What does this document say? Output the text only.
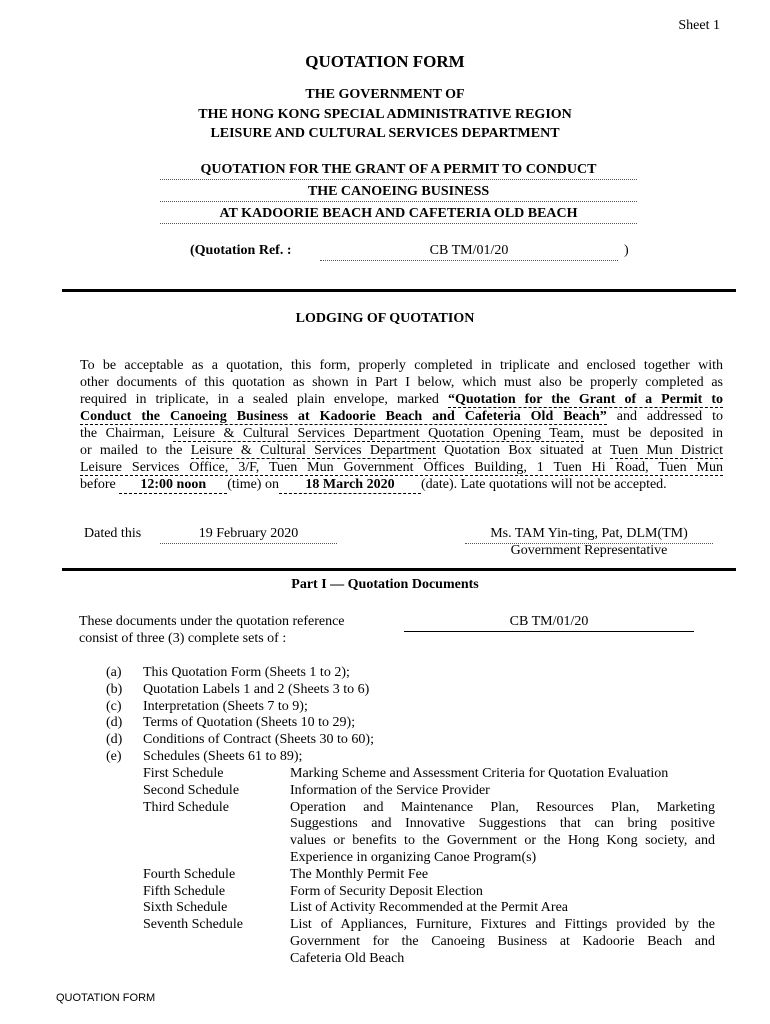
Sheet 1
QUOTATION FORM
THE GOVERNMENT OF
THE HONG KONG SPECIAL ADMINISTRATIVE REGION
LEISURE AND CULTURAL SERVICES DEPARTMENT
QUOTATION FOR THE GRANT OF A PERMIT TO CONDUCT
THE CANOEING BUSINESS
AT KADOORIE BEACH AND CAFETERIA OLD BEACH
(Quotation Ref. :	CB TM/01/20	)
LODGING OF QUOTATION
To be acceptable as a quotation, this form, properly completed in triplicate and enclosed together with
other documents of this quotation as shown in Part I below, which must also be properly completed as
required in triplicate, in a sealed plain envelope, marked “Quotation for the Grant of a Permit to
Conduct the Canoeing Business at Kadoorie Beach and Cafeteria Old Beach” and addressed to
the Chairman, Leisure & Cultural Services Department Quotation Opening Team, must be deposited in
or mailed to the Leisure & Cultural Services Department Quotation Box situated at Tuen Mun District
Leisure Services Office, 3/F, Tuen Mun Government Offices Building, 1 Tuen Hi Road, Tuen Mun
before 12:00 noon (time) on 18 March 2020 (date). Late quotations will not be accepted.
Dated this	19 February 2020	Ms. TAM Yin-ting, Pat, DLM(TM)
Government Representative
Part I — Quotation Documents
These documents under the quotation reference
consist of three (3) complete sets of :
CB TM/01/20
(a) This Quotation Form (Sheets 1 to 2);
(b) Quotation Labels 1 and 2 (Sheets 3 to 6)
(c) Interpretation (Sheets 7 to 9);
(d) Terms of Quotation (Sheets 10 to 29);
(d) Conditions of Contract (Sheets 30 to 60);
(e) Schedules (Sheets 61 to 89);
First Schedule	Marking Scheme and Assessment Criteria for Quotation Evaluation
Second Schedule	Information of the Service Provider
Third Schedule	Operation and Maintenance Plan, Resources Plan, Marketing
Suggestions and Innovative Suggestions that can bring positive
values or benefits to the Government or the Hong Kong society, and
Experience in organizing Canoe Program(s)
Fourth Schedule	The Monthly Permit Fee
Fifth Schedule	Form of Security Deposit Election
Sixth Schedule	List of Activity Recommended at the Permit Area
Seventh Schedule	List of Appliances, Furniture, Fixtures and Fittings provided by the
Government for the Canoeing Business at Kadoorie Beach and
Cafeteria Old Beach
QUOTATION FORM
